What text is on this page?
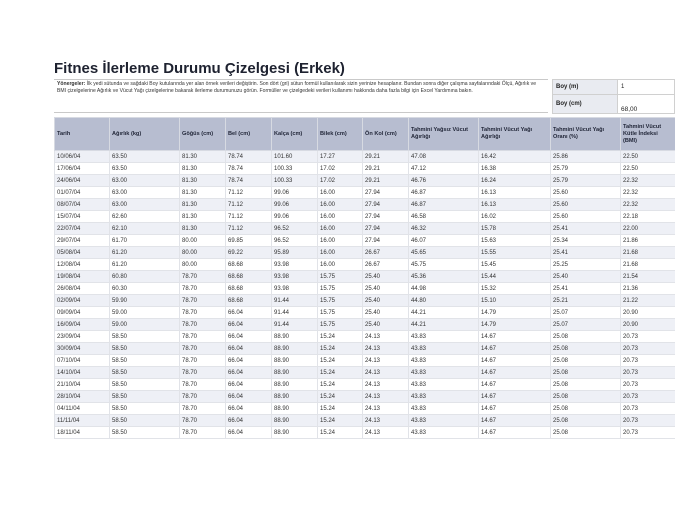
Fitnes İlerleme Durumu Çizelgesi (Erkek)
Yönergeler: İlk yedi sütunda ve sağdaki Boy kutularında yer alan örnek verileri değiştirin. Son dört (gri) sütun formül kullanılarak sizin yerinize hesaplanır. Bundan sonra diğer çalışma sayfalarındaki Ölçü, Ağırlık ve BMI çizelgelerine Ağırlık ve Vücut Yağı çizelgelerine bakarak ilerleme durumunuzu görün. Formüller ve çizelgedeki verileri kullanımı hakkında daha fazla bilgi için Excel Yardımına bakın.
Boy (m)	1
Boy (cm)	68,00
Tarih	Ağırlık (kg)	Göğüs (cm)	Bel (cm)	Kalça (cm)	Bilek (cm)	Ön Kol (cm)	Tahmini Yağsız Vücut Ağırlığı	Tahmini Vücut Yağı Ağırlığı	Tahmini Vücut Yağı Oranı (%)	Tahmini Vücut Kütle İndeksi (BMI)
10/06/04	63.50	81.30	78.74	101.60	17.27	29.21	47.08	16.42	25.86	22.50
17/06/04	63.50	81.30	78.74	100.33	17.02	29.21	47.12	16.38	25.79	22.50
24/06/04	63.00	81.30	78.74	100.33	17.02	29.21	46.76	16.24	25.79	22.32
01/07/04	63.00	81.30	71.12	99.06	16.00	27.94	46.87	16.13	25.60	22.32
08/07/04	63.00	81.30	71.12	99.06	16.00	27.94	46.87	16.13	25.60	22.32
15/07/04	62.60	81.30	71.12	99.06	16.00	27.94	46.58	16.02	25.60	22.18
22/07/04	62.10	81.30	71.12	96.52	16.00	27.94	46.32	15.78	25.41	22.00
29/07/04	61.70	80.00	69.85	96.52	16.00	27.94	46.07	15.63	25.34	21.86
05/08/04	61.20	80.00	69.22	95.89	16.00	26.67	45.65	15.55	25.41	21.68
12/08/04	61.20	80.00	68.68	93.98	16.00	26.67	45.75	15.45	25.25	21.68
19/08/04	60.80	78.70	68.68	93.98	15.75	25.40	45.36	15.44	25.40	21.54
26/08/04	60.30	78.70	68.68	93.98	15.75	25.40	44.98	15.32	25.41	21.36
02/09/04	59.90	78.70	68.68	91.44	15.75	25.40	44.80	15.10	25.21	21.22
09/09/04	59.00	78.70	66.04	91.44	15.75	25.40	44.21	14.79	25.07	20.90
16/09/04	59.00	78.70	66.04	91.44	15.75	25.40	44.21	14.79	25.07	20.90
23/09/04	58.50	78.70	66.04	88.90	15.24	24.13	43.83	14.67	25.08	20.73
30/09/04	58.50	78.70	66.04	88.90	15.24	24.13	43.83	14.67	25.08	20.73
07/10/04	58.50	78.70	66.04	88.90	15.24	24.13	43.83	14.67	25.08	20.73
14/10/04	58.50	78.70	66.04	88.90	15.24	24.13	43.83	14.67	25.08	20.73
21/10/04	58.50	78.70	66.04	88.90	15.24	24.13	43.83	14.67	25.08	20.73
28/10/04	58.50	78.70	66.04	88.90	15.24	24.13	43.83	14.67	25.08	20.73
04/11/04	58.50	78.70	66.04	88.90	15.24	24.13	43.83	14.67	25.08	20.73
11/11/04	58.50	78.70	66.04	88.90	15.24	24.13	43.83	14.67	25.08	20.73
18/11/04	58.50	78.70	66.04	88.90	15.24	24.13	43.83	14.67	25.08	20.73
